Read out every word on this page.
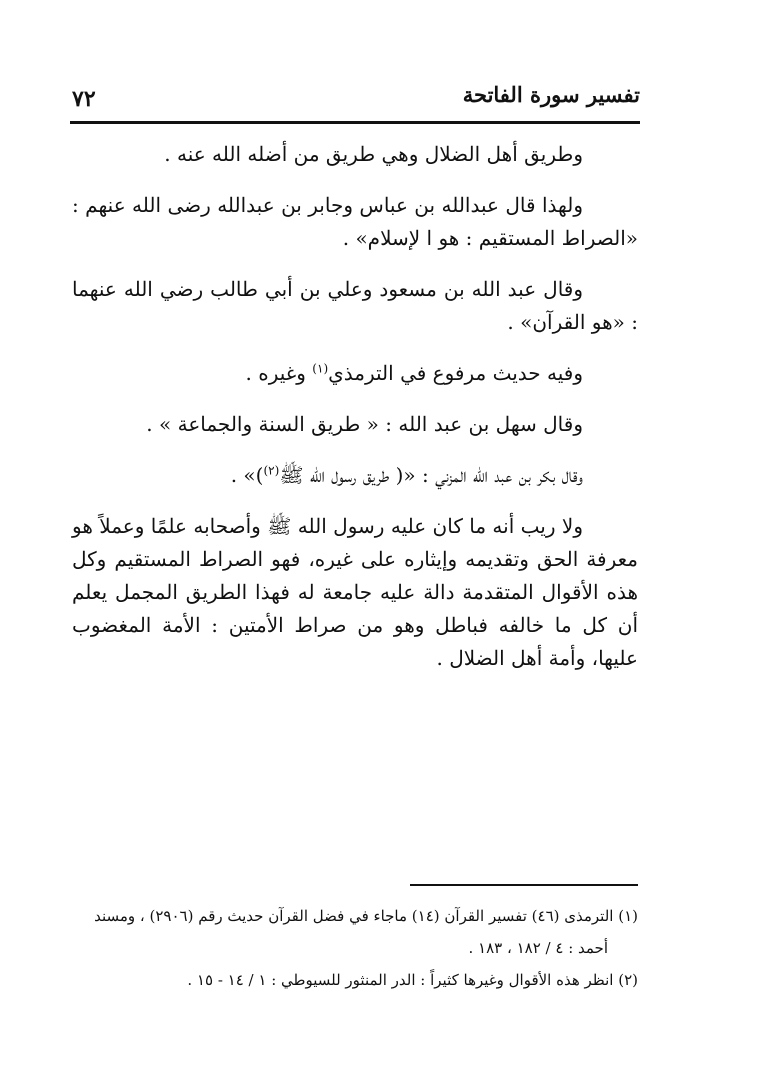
تفسير سورة الفاتحة
٧٢

وطريق أهل الضلال وهي طريق من أضله الله عنه .

ولهذا قال عبدالله بن عباس وجابر بن عبدالله رضى الله عنهم : «الصراط المستقيم : هو ا لإسلام» .

وقال عبد الله بن مسعود وعلي بن أبي طالب رضي الله عنهما : «هو القرآن» .

وفيه حديث مرفوع في الترمذي$^{(١)}$ وغيره .

وقال سهل بن عبد الله : « طريق السنة والجماعة » .

وقال بكر بن عبد الله المزني : «( طريق رسول الله ﷺ$^{(٢)}$)» .

ولا ريب أنه ما كان عليه رسول الله ﷺ وأصحابه علمًا وعملاً هو معرفة الحق وتقديمه وإيثاره على غيره، فهو الصراط المستقيم وكل هذه الأقوال المتقدمة دالة عليه جامعة له فهذا الطريق المجمل يعلم أن كل ما خالفه فباطل وهو من صراط الأمتين : الأمة المغضوب عليها، وأمة أهل الضلال .

(١) الترمذى (٤٦) تفسير القرآن (١٤) ماجاء في فضل القرآن حديث رقم (٢٩٠٦) ، ومسند

أحمد : ٤ / ١٨٢ ، ١٨٣ .

(٢) انظر هذه الأقوال وغيرها كثيراً : الدر المنثور للسيوطي : ١ / ١٤ - ١٥ .
